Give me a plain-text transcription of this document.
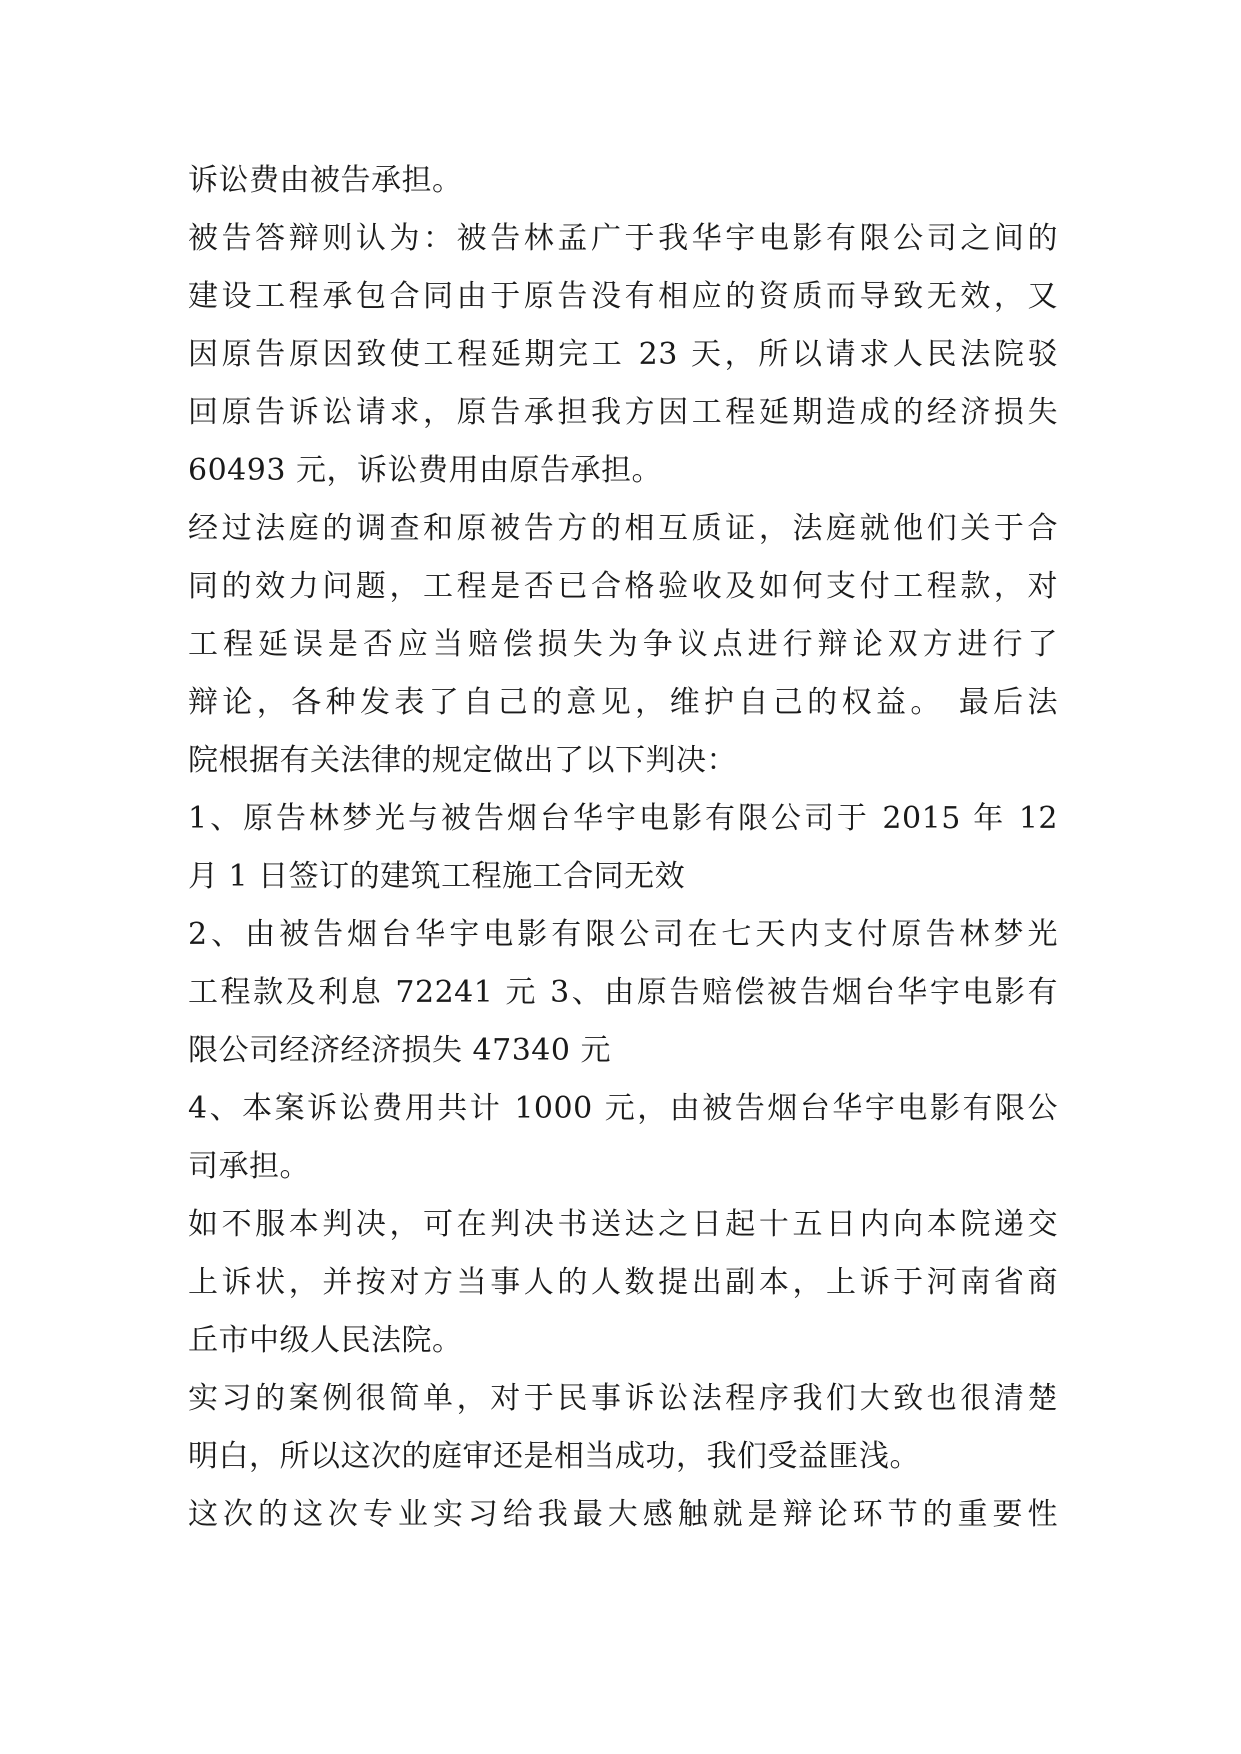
诉讼费由被告承担。
被告答辩则认为：被告林孟广于我华宇电影有限公司之间的
建设工程承包合同由于原告没有相应的资质而导致无效，又
因原告原因致使工程延期完工 23 天，所以请求人民法院驳
回原告诉讼请求，原告承担我方因工程延期造成的经济损失
60493 元，诉讼费用由原告承担。
经过法庭的调查和原被告方的相互质证，法庭就他们关于合
同的效力问题，工程是否已合格验收及如何支付工程款，对
工程延误是否应当赔偿损失为争议点进行辩论双方进行了
辩论，各种发表了自己的意见，维护自己的权益。 最后法
院根据有关法律的规定做出了以下判决：
1、原告林梦光与被告烟台华宇电影有限公司于 2015 年 12
月 1 日签订的建筑工程施工合同无效
2、由被告烟台华宇电影有限公司在七天内支付原告林梦光
工程款及利息 72241 元 3、由原告赔偿被告烟台华宇电影有
限公司经济经济损失 47340 元
4、本案诉讼费用共计 1000 元，由被告烟台华宇电影有限公
司承担。
如不服本判决，可在判决书送达之日起十五日内向本院递交
上诉状，并按对方当事人的人数提出副本，上诉于河南省商
丘市中级人民法院。
实习的案例很简单，对于民事诉讼法程序我们大致也很清楚
明白，所以这次的庭审还是相当成功，我们受益匪浅。
这次的这次专业实习给我最大感触就是辩论环节的重要性
